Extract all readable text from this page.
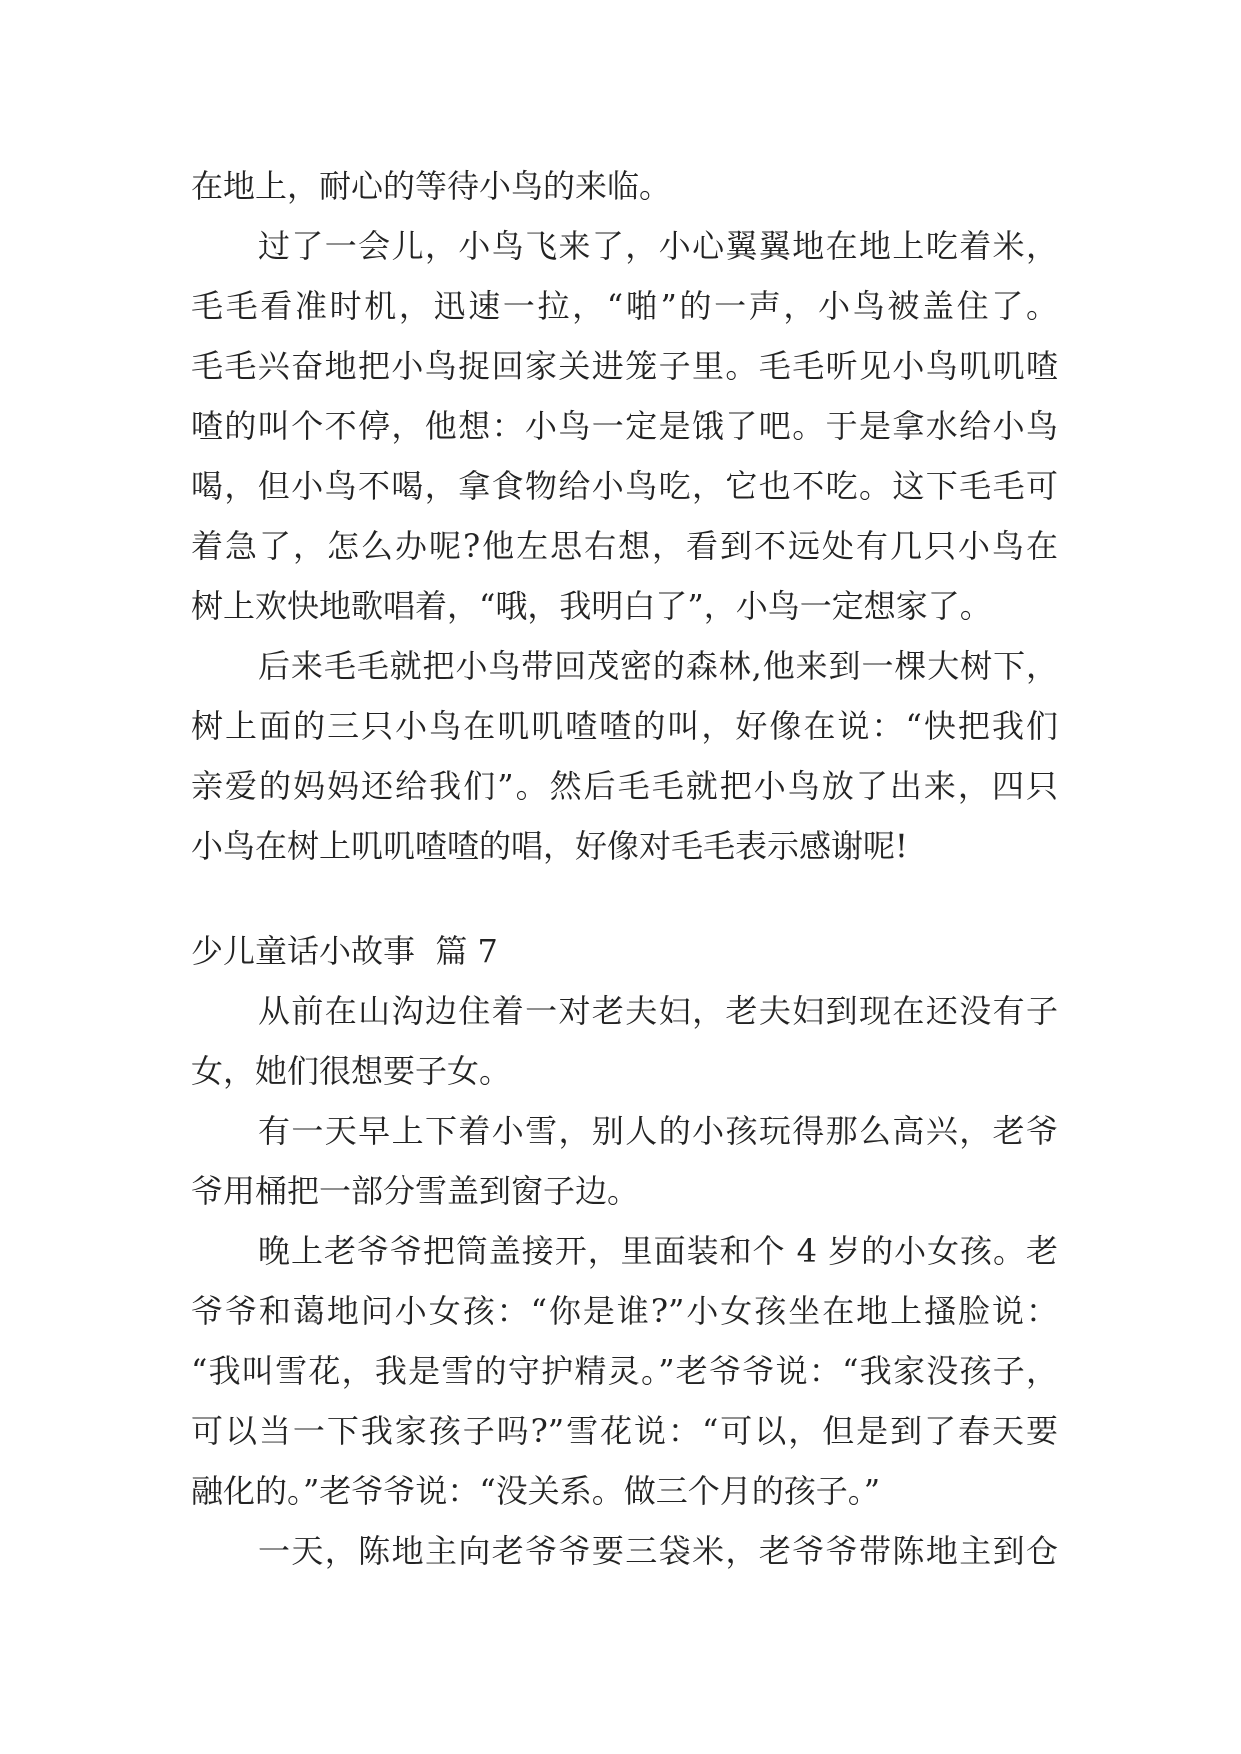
在地上，耐心的等待小鸟的来临。
过了一会儿，小鸟飞来了，小心翼翼地在地上吃着米，
毛毛看准时机，迅速一拉，“啪”的一声，小鸟被盖住了。
毛毛兴奋地把小鸟捉回家关进笼子里。毛毛听见小鸟叽叽喳
喳的叫个不停，他想：小鸟一定是饿了吧。于是拿水给小鸟
喝，但小鸟不喝，拿食物给小鸟吃，它也不吃。这下毛毛可
着急了，怎么办呢?他左思右想，看到不远处有几只小鸟在
树上欢快地歌唱着，“哦，我明白了”，小鸟一定想家了。
后来毛毛就把小鸟带回茂密的森林,他来到一棵大树下，
树上面的三只小鸟在叽叽喳喳的叫，好像在说：“快把我们
亲爱的妈妈还给我们”。然后毛毛就把小鸟放了出来，四只
小鸟在树上叽叽喳喳的唱，好像对毛毛表示感谢呢!
少儿童话小故事  篇 7
从前在山沟边住着一对老夫妇，老夫妇到现在还没有子
女，她们很想要子女。
有一天早上下着小雪，别人的小孩玩得那么高兴，老爷
爷用桶把一部分雪盖到窗子边。
晚上老爷爷把筒盖接开，里面装和个 4 岁的小女孩。老
爷爷和蔼地问小女孩：“你是谁?”小女孩坐在地上搔脸说：
“我叫雪花，我是雪的守护精灵。”老爷爷说：“我家没孩子，
可以当一下我家孩子吗?”雪花说：“可以，但是到了春天要
融化的。”老爷爷说：“没关系。做三个月的孩子。”
一天，陈地主向老爷爷要三袋米，老爷爷带陈地主到仓
